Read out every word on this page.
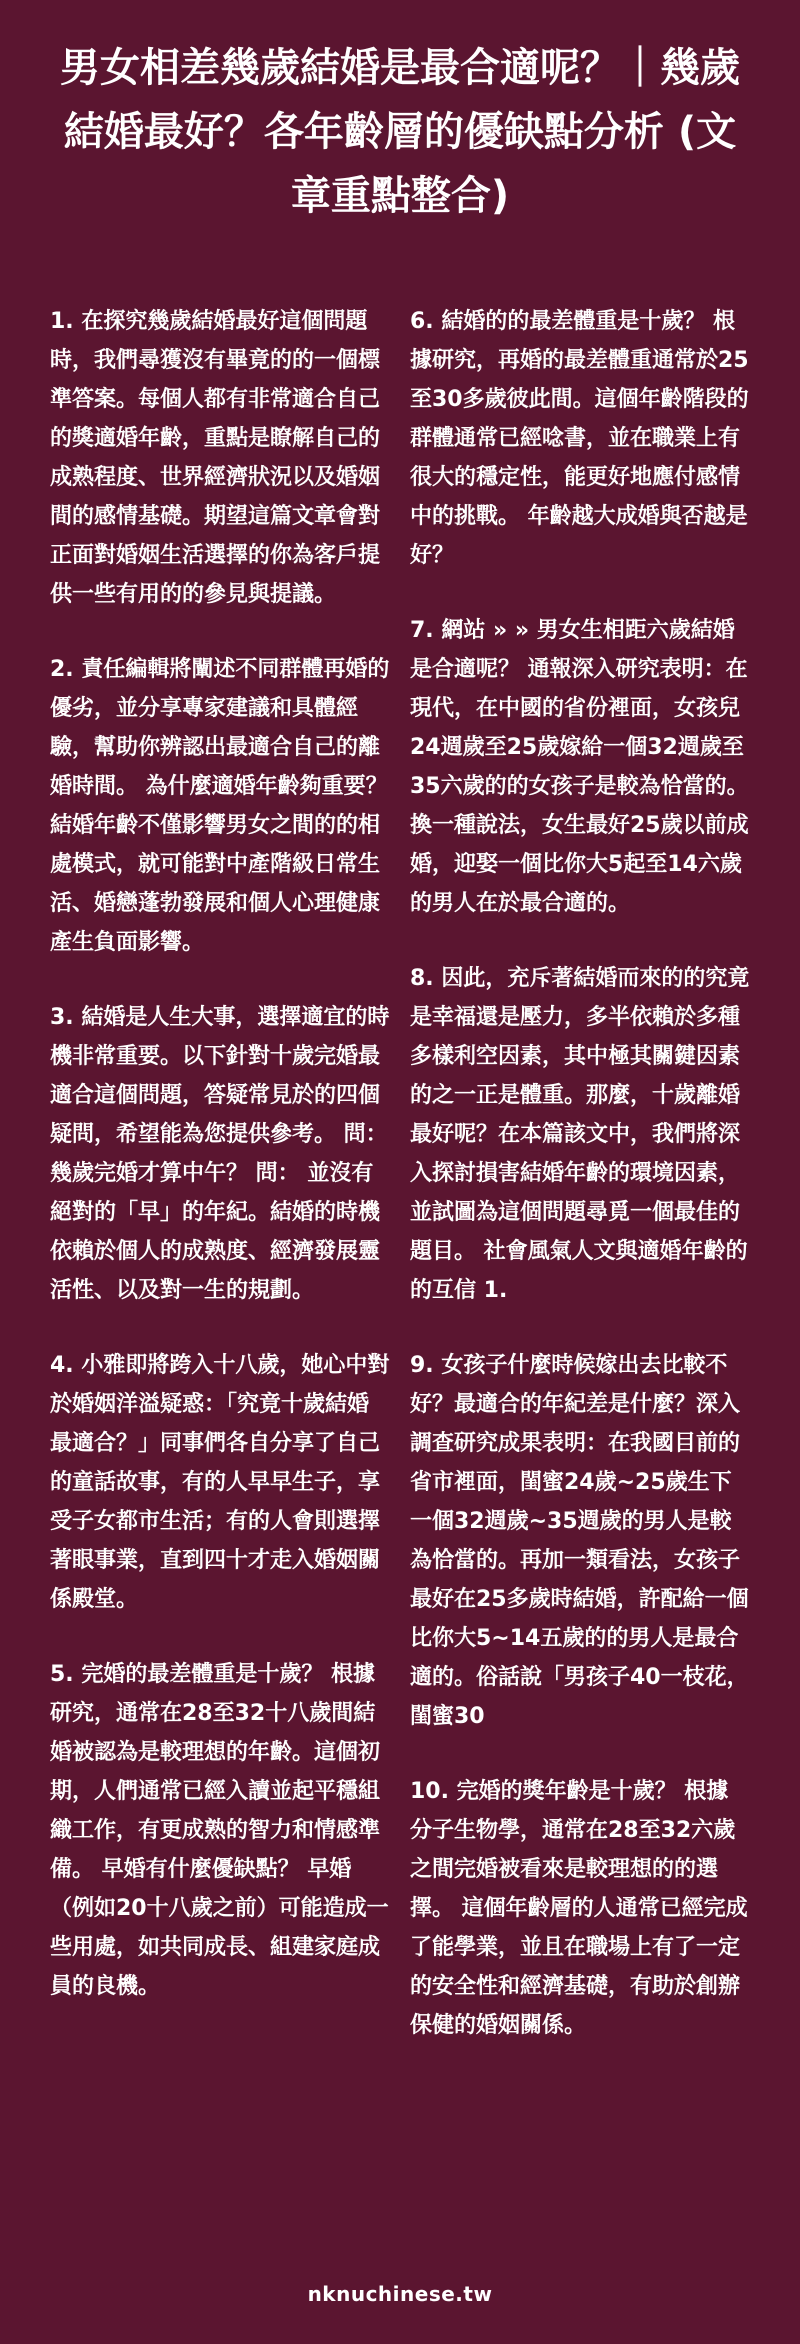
男女相差幾歲結婚是最合適呢？｜幾歲結婚最好？各年齡層的優缺點分析 (文章重點整合)

1. 在探究幾歲結婚最好這個問題時，我們尋獲沒有畢竟的的一個標準答案。每個人都有非常適合自己的獎適婚年齡，重點是瞭解自己的成熟程度、世界經濟狀況以及婚姻間的感情基礎。期望這篇文章會對正面對婚姻生活選擇的你為客戶提供一些有用的的參見與提議。

2. 責任編輯將闡述不同群體再婚的優劣，並分享專家建議和具體經驗，幫助你辨認出最適合自己的離婚時間。 為什麼適婚年齡夠重要？ 結婚年齡不僅影響男女之間的的相處模式，就可能對中產階級日常生活、婚戀蓬勃發展和個人心理健康產生負面影響。

3. 結婚是人生大事，選擇適宜的時機非常重要。以下針對十歲完婚最適合這個問題，答疑常見於的四個疑問，希望能為您提供參考。 問：幾歲完婚才算中午？ 問： 並沒有絕對的「早」的年紀。結婚的時機依賴於個人的成熟度、經濟發展靈活性、以及對一生的規劃。

4. 小雅即將跨入十八歲，她心中對於婚姻洋溢疑惑：「究竟十歲結婚最適合？」同事們各自分享了自己的童話故事，有的人早早生子，享受子女都市生活；有的人會則選擇著眼事業，直到四十才走入婚姻關係殿堂。

5. 完婚的最差體重是十歲？ 根據研究，通常在28至32十八歲間結婚被認為是較理想的年齡。這個初期，人們通常已經入讀並起平穩組織工作，有更成熟的智力和情感準備。 早婚有什麼優缺點？ 早婚（例如20十八歲之前）可能造成一些用處，如共同成長、組建家庭成員的良機。

6. 結婚的的最差體重是十歲？ 根據研究，再婚的最差體重通常於25至30多歲彼此間。這個年齡階段的群體通常已經唸書，並在職業上有很大的穩定性，能更好地應付感情中的挑戰。 年齡越大成婚與否越是好？

7. 網站 » » 男女生相距六歲結婚是合適呢？ 通報深入研究表明：在現代，在中國的省份裡面，女孩兒24週歲至25歲嫁給一個32週歲至35六歲的的女孩子是較為恰當的。 換一種說法，女生最好25歲以前成婚，迎娶一個比你大5起至14六歲的男人在於最合適的。

8. 因此，充斥著結婚而來的的究竟是幸福還是壓力，多半依賴於多種多樣利空因素，其中極其關鍵因素的之一正是體重。那麼，十歲離婚最好呢？在本篇該文中，我們將深入探討損害結婚年齡的環境因素，並試圖為這個問題尋覓一個最佳的題目。 社會風氣人文與適婚年齡的的互信 1.

9. 女孩子什麼時候嫁出去比較不好？最適合的年紀差是什麼？深入調查研究成果表明：在我國目前的省市裡面，閨蜜24歲~25歲生下一個32週歲~35週歲的男人是較為恰當的。再加一類看法，女孩子最好在25多歲時結婚，許配給一個比你大5~14五歲的的男人是最合適的。俗話說「男孩子40一枝花，閨蜜30

10. 完婚的獎年齡是十歲？ 根據分子生物學，通常在28至32六歲之間完婚被看來是較理想的的選擇。 這個年齡層的人通常已經完成了能學業，並且在職場上有了一定的安全性和經濟基礎，有助於創辦保健的婚姻關係。

nknuchinese.tw
